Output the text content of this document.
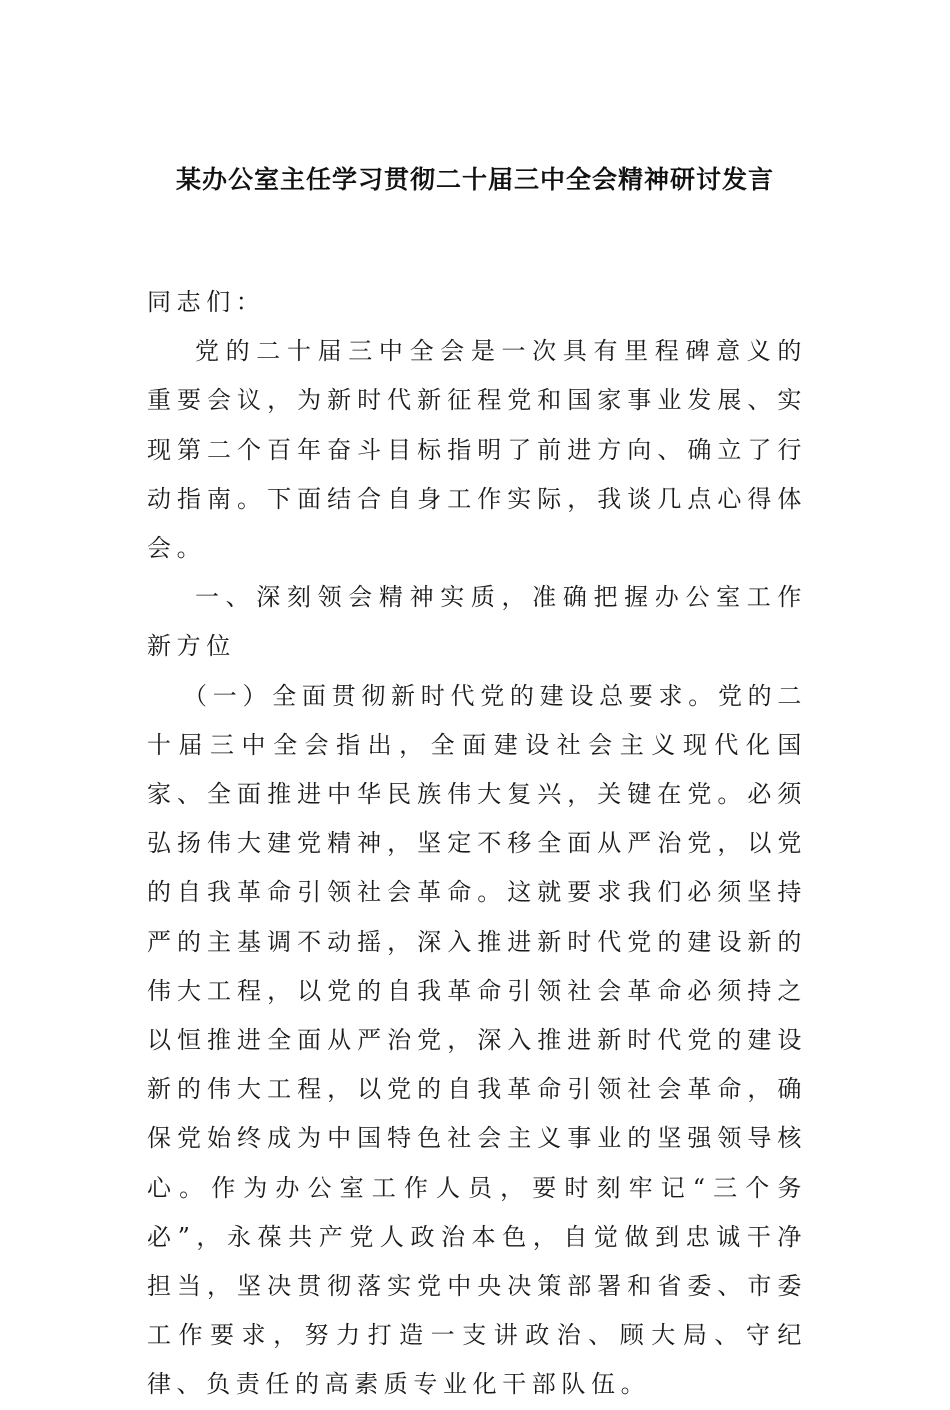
某办公室主任学习贯彻二十届三中全会精神研讨发言

同志们：

党的二十届三中全会是一次具有里程碑意义的重要会议，为新时代新征程党和国家事业发展、实现第二个百年奋斗目标指明了前进方向、确立了行动指南。下面结合自身工作实际，我谈几点心得体会。

一、深刻领会精神实质，准确把握办公室工作新方位

（一）全面贯彻新时代党的建设总要求。党的二十届三中全会指出，全面建设社会主义现代化国家、全面推进中华民族伟大复兴，关键在党。必须弘扬伟大建党精神，坚定不移全面从严治党，以党的自我革命引领社会革命。这就要求我们必须坚持严的主基调不动摇，深入推进新时代党的建设新的伟大工程，以党的自我革命引领社会革命必须持之以恒推进全面从严治党，深入推进新时代党的建设新的伟大工程，以党的自我革命引领社会革命，确保党始终成为中国特色社会主义事业的坚强领导核心。作为办公室工作人员，要时刻牢记“三个务必”，永葆共产党人政治本色，自觉做到忠诚干净担当，坚决贯彻落实党中央决策部署和省委、市委工作要求，努力打造一支讲政治、顾大局、守纪律、负责任的高素质专业化干部队伍。
